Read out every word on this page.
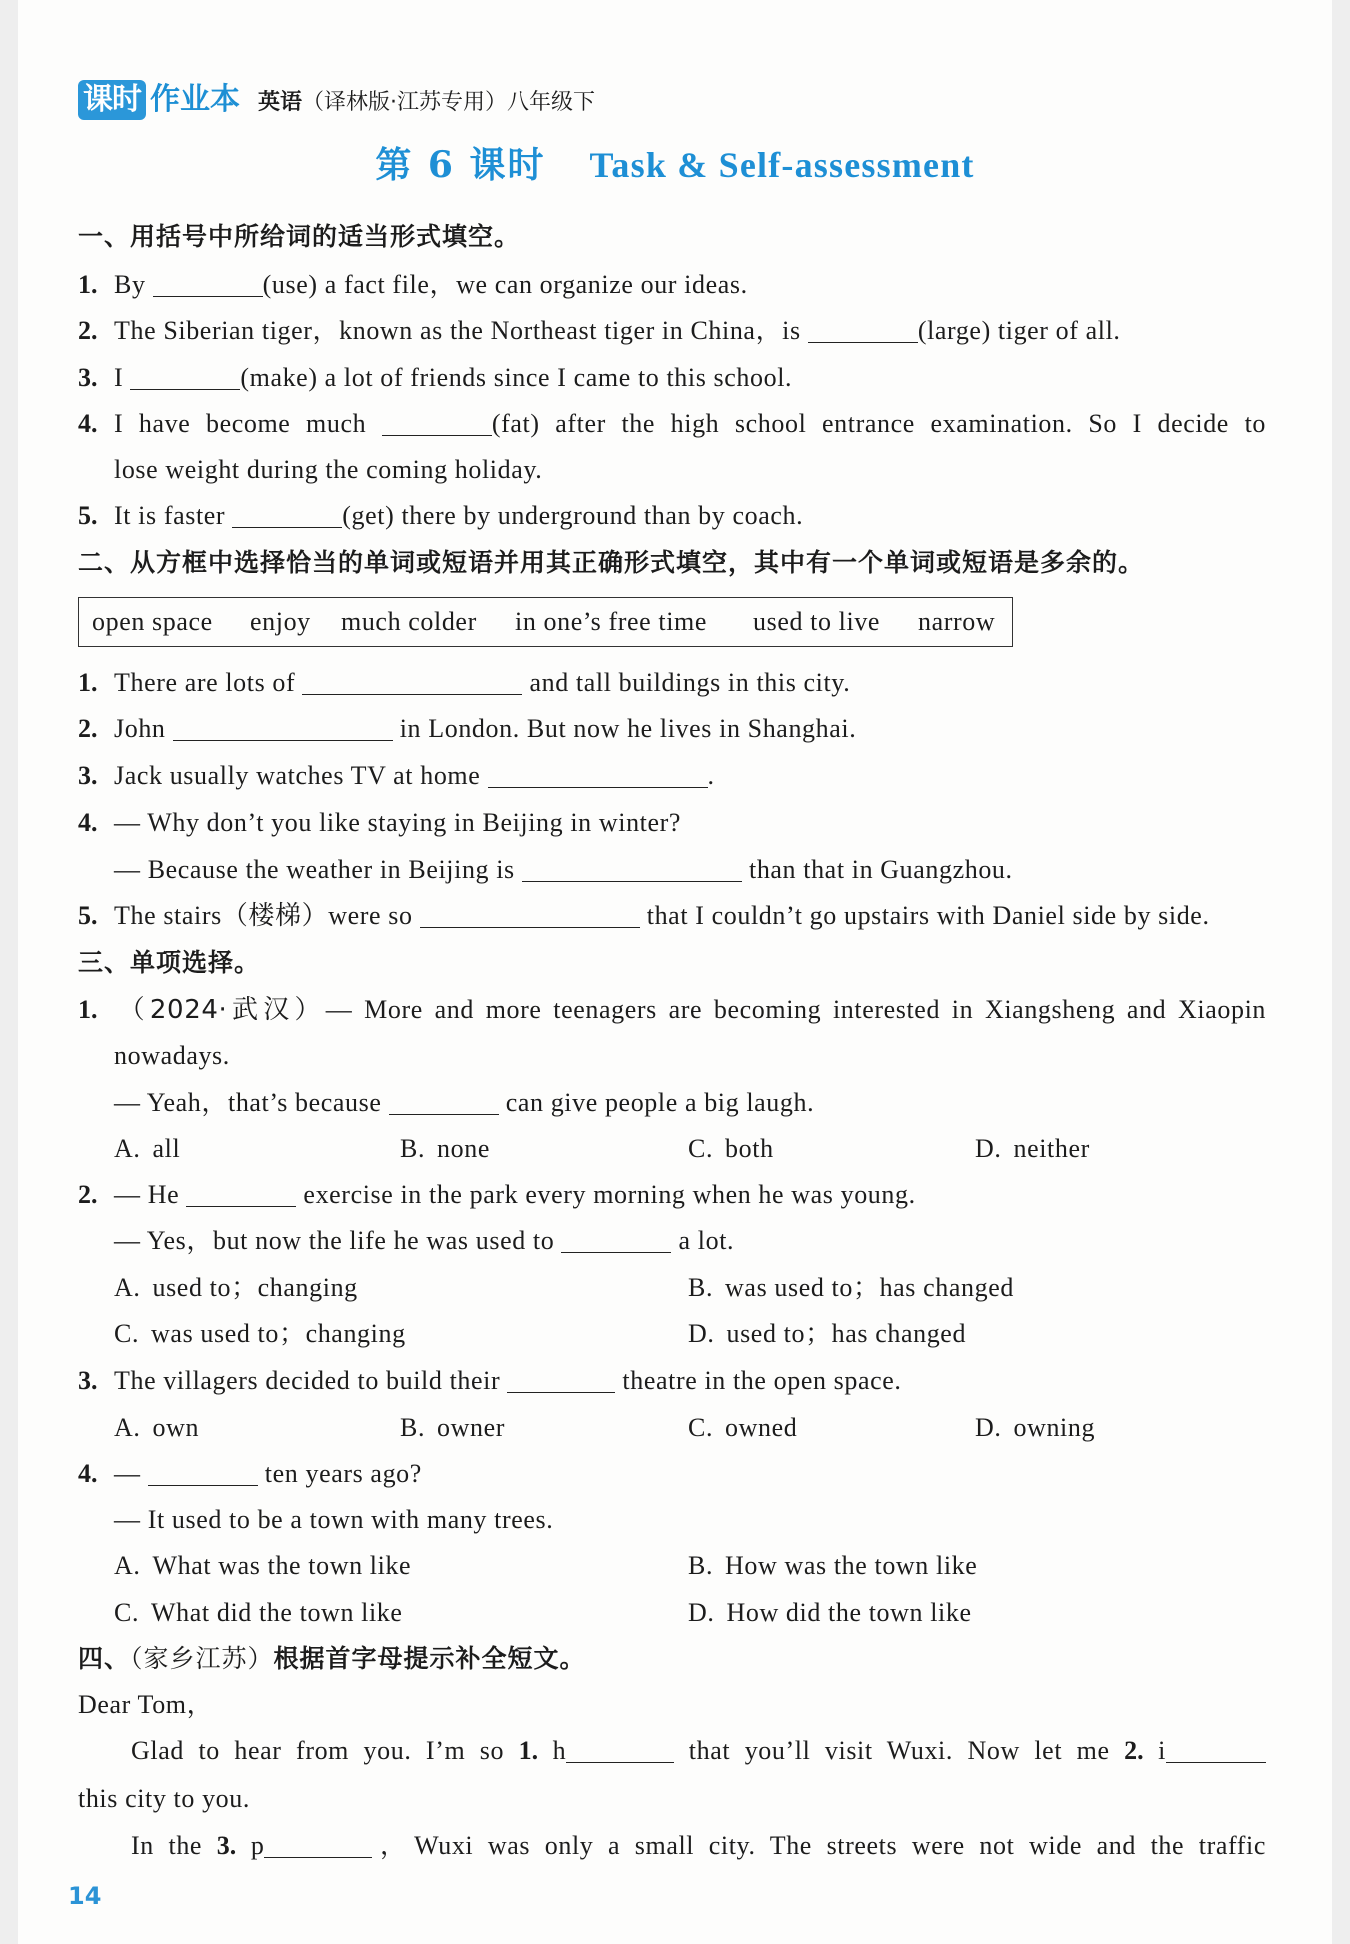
课时 作业本 英语 （译林版·江苏专用）八年级下
第 6 课时 Task & Self-assessment
一、用括号中所给词的适当形式填空。
1. By	(use) a fact file，we can organize our ideas.
2. The Siberian tiger，known as the Northeast tiger in China，is	(large) tiger of all.
3. I	(make) a lot of friends since I came to this school.
4. I have become much	(fat) after the high school entrance examination. So I decide to
lose weight during the coming holiday.
5. It is faster	(get) there by underground than by coach.
二、从方框中选择恰当的单词或短语并用其正确形式填空，其中有一个单词或短语是多余的。
open space enjoy much colder in one’s free time used to live narrow
1. There are lots of	and tall buildings in this city.
2. John	in London. But now he lives in Shanghai.
3. Jack usually watches TV at home	.
4. — Why don’t you like staying in Beijing in winter?
— Because the weather in Beijing is	than that in Guangzhou.
5. The stairs（楼梯）were so	that I couldn’t go upstairs with Daniel side by side.
三、单项选择。
1. （2024·武汉）— More and more teenagers are becoming interested in Xiangsheng and Xiaopin
nowadays.
— Yeah，that’s because	can give people a big laugh.
A. all	B. none	C. both	D. neither
2. — He	exercise in the park every morning when he was young.
— Yes，but now the life he was used to	a lot.
A. used to；changing	B. was used to；has changed
C. was used to；changing	D. used to；has changed
3. The villagers decided to build their	theatre in the open space.
A. own	B. owner	C. owned	D. owning
4. —	ten years ago?
— It used to be a town with many trees.
A. What was the town like	B. How was the town like
C. What did the town like	D. How did the town like
四、（家乡江苏）根据首字母提示补全短文。
Dear Tom，
Glad to hear from you. I’m so 1. h	that you’ll visit Wuxi. Now let me 2. i
this city to you.
In the 3. p	，Wuxi was only a small city. The streets were not wide and the traffic
14
